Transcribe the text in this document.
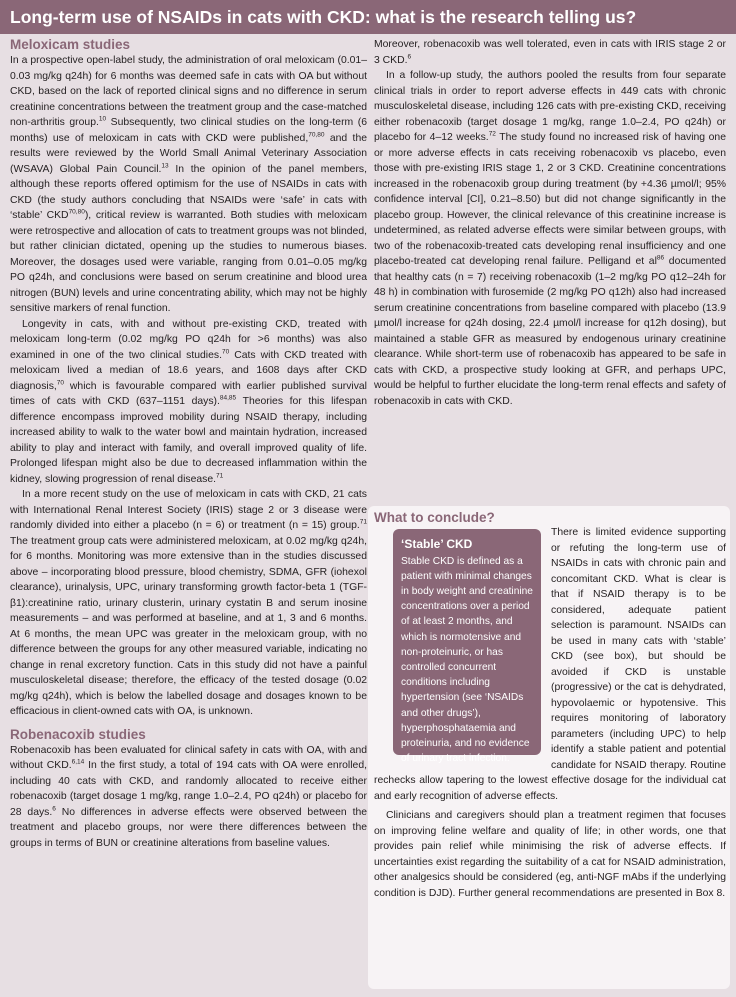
Long-term use of NSAIDs in cats with CKD: what is the research telling us?
Meloxicam studies

In a prospective open-label study, the administration of oral meloxicam (0.01–0.03 mg/kg q24h) for 6 months was deemed safe in cats with OA but without CKD, based on the lack of reported clinical signs and no difference in serum creatinine concentrations between the treatment group and the case-matched non-arthritis group.$^{10}$ Subsequently, two clinical studies on the long-term (6 months) use of meloxicam in cats with CKD were published,$^{70,80}$ and the results were reviewed by the World Small Animal Veterinary Association (WSAVA) Global Pain Council.$^{13}$ In the opinion of the panel members, although these reports offered optimism for the use of NSAIDs in cats with CKD (the study authors concluding that NSAIDs were ‘safe’ in cats with ‘stable’ CKD$^{70,80}$), critical review is warranted. Both studies with meloxicam were retrospective and allocation of cats to treatment groups was not blinded, but rather clinician dictated, opening up the studies to numerous biases. Moreover, the dosages used were variable, ranging from 0.01–0.05 mg/kg PO q24h, and conclusions were based on serum creatinine and blood urea nitrogen (BUN) levels and urine concentrating ability, which may not be highly sensitive markers of renal function.

Longevity in cats, with and without pre-existing CKD, treated with meloxicam long-term (0.02 mg/kg PO q24h for >6 months) was also examined in one of the two clinical studies.$^{70}$ Cats with CKD treated with meloxicam lived a median of 18.6 years, and 1608 days after CKD diagnosis,$^{70}$ which is favourable compared with earlier published survival times of cats with CKD (637–1151 days).$^{84,85}$ Theories for this lifespan difference encompass improved mobility during NSAID therapy, including increased ability to walk to the water bowl and maintain hydration, increased ability to play and interact with family, and overall improved quality of life. Prolonged lifespan might also be due to decreased inflammation within the kidney, slowing progression of renal disease.$^{71}$

In a more recent study on the use of meloxicam in cats with CKD, 21 cats with International Renal Interest Society (IRIS) stage 2 or 3 disease were randomly divided into either a placebo (n = 6) or treatment (n = 15) group.$^{71}$ The treatment group cats were administered meloxicam, at 0.02 mg/kg q24h, for 6 months. Monitoring was more extensive than in the studies discussed above – incorporating blood pressure, blood chemistry, SDMA, GFR (iohexol clearance), urinalysis, UPC, urinary transforming growth factor-beta 1 (TGF-β1):creatinine ratio, urinary clusterin, urinary cystatin B and serum inosine measurements – and was performed at baseline, and at 1, 3 and 6 months. At 6 months, the mean UPC was greater in the meloxicam group, with no difference between the groups for any other measured variable, indicating no change in renal excretory function. Cats in this study did not have a painful musculoskeletal disease; therefore, the efficacy of the tested dosage (0.02 mg/kg q24h), which is below the labelled dosage and dosages known to be efficacious in client-owned cats with OA, is unknown.

Robenacoxib studies

Robenacoxib has been evaluated for clinical safety in cats with OA, with and without CKD.$^{6,14}$ In the first study, a total of 194 cats with OA were enrolled, including 40 cats with CKD, and randomly allocated to receive either robenacoxib (target dosage 1 mg/kg, range 1.0–2.4, PO q24h) or placebo for 28 days.$^6$ No differences in adverse effects were observed between the treatment and placebo groups, nor were there differences between the groups in terms of BUN or creatinine alterations from baseline values.

Moreover, robenacoxib was well tolerated, even in cats with IRIS stage 2 or 3 CKD.$^6$

In a follow-up study, the authors pooled the results from four separate clinical trials in order to report adverse effects in 449 cats with chronic musculoskeletal disease, including 126 cats with pre-existing CKD, receiving either robenacoxib (target dosage 1 mg/kg, range 1.0–2.4, PO q24h) or placebo for 4–12 weeks.$^{72}$ The study found no increased risk of having one or more adverse effects in cats receiving robenacoxib vs placebo, even those with pre-existing IRIS stage 1, 2 or 3 CKD. Creatinine concentrations increased in the robenacoxib group during treatment (by +4.36 µmol/l; 95% confidence interval [CI], 0.21–8.50) but did not change significantly in the placebo group. However, the clinical relevance of this creatinine increase is undetermined, as related adverse effects were similar between groups, with two of the robenacoxib-treated cats developing renal insufficiency and one placebo-treated cat developing renal failure. Pelligand et $al^{86}$ documented that healthy cats (n = 7) receiving robenacoxib (1–2 mg/kg PO q12–24h for 48 h) in combination with furosemide (2 mg/kg PO q12h) also had increased serum creatinine concentrations from baseline compared with placebo (13.9 µmol/l increase for q24h dosing, 22.4 µmol/l increase for q12h dosing), but maintained a stable GFR as measured by endogenous urinary creatinine clearance. While short-term use of robenacoxib has appeared to be safe in cats with CKD, a prospective study looking at GFR, and perhaps UPC, would be helpful to further elucidate the long-term renal effects and safety of robenacoxib in cats with CKD.

What to conclude?

‘Stable’ CKD
Stable CKD is defined as a patient with minimal changes in body weight and creatinine concentrations over a period of at least 2 months, and which is normotensive and non-proteinuric, or has controlled concurrent conditions including hypertension (see ‘NSAIDs and other drugs’), hyperphosphataemia and proteinuria, and no evidence of urinary tract infection.
There is limited evidence supporting or refuting the long-term use of NSAIDs in cats with chronic pain and concomitant CKD. What is clear is that if NSAID therapy is to be considered, adequate patient selection is paramount. NSAIDs can be used in many cats with ‘stable’ CKD (see box), but should be avoided if CKD is unstable (progressive) or the cat is dehydrated, hypovolaemic or hypotensive. This requires monitoring of laboratory parameters (including UPC) to help identify a stable patient and potential candidate for NSAID therapy. Routine rechecks allow tapering to the lowest effective dosage for the individual cat and early recognition of adverse effects.

Clinicians and caregivers should plan a treatment regimen that focuses on improving feline welfare and quality of life; in other words, one that provides pain relief while minimising the risk of adverse effects. If uncertainties exist regarding the suitability of a cat for NSAID administration, other analgesics should be considered (eg, anti-NGF mAbs if the underlying condition is DJD). Further general recommendations are presented in Box 8.
